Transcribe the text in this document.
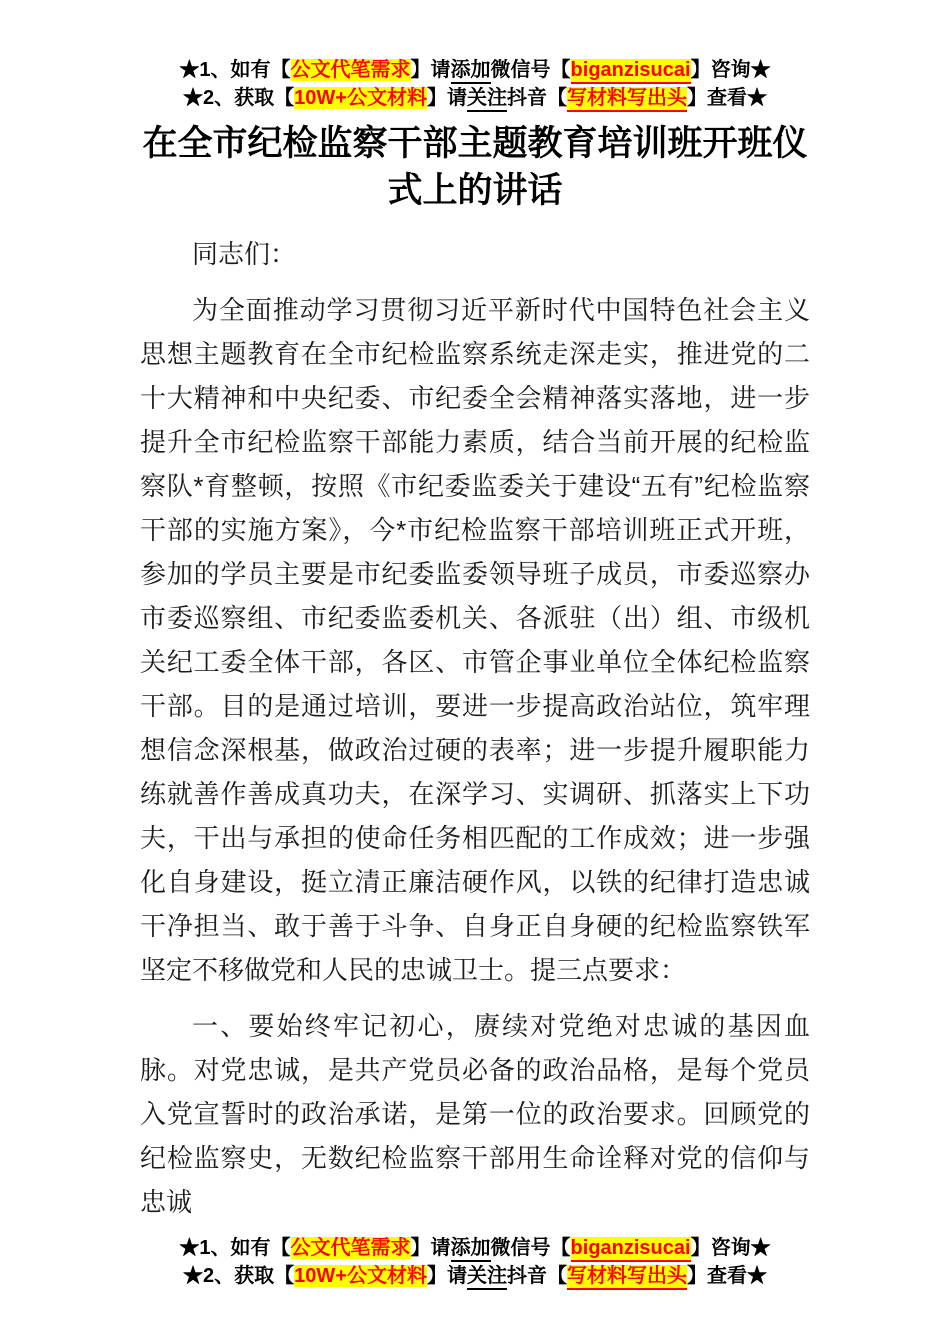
★1、如有【公文代笔需求】请添加微信号【biganzisucai】咨询★
★2、获取【10W+公文材料】请关注抖音【写材料写出头】查看★
在全市纪检监察干部主题教育培训班开班仪式上的讲话

同志们：

为全面推动学习贯彻习近平新时代中国特色社会主义思想主题教育在全市纪检监察系统走深走实，推进党的二十大精神和中央纪委、市纪委全会精神落实落地，进一步提升全市纪检监察干部能力素质，结合当前开展的纪检监察队*育整顿，按照《市纪委监委关于建设“五有”纪检监察干部的实施方案》，今*市纪检监察干部培训班正式开班，参加的学员主要是市纪委监委领导班子成员，市委巡察办市委巡察组、市纪委监委机关、各派驻（出）组、市级机关纪工委全体干部，各区、市管企事业单位全体纪检监察干部。目的是通过培训，要进一步提高政治站位，筑牢理想信念深根基，做政治过硬的表率；进一步提升履职能力练就善作善成真功夫，在深学习、实调研、抓落实上下功夫，干出与承担的使命任务相匹配的工作成效；进一步强化自身建设，挺立清正廉洁硬作风，以铁的纪律打造忠诚干净担当、敢于善于斗争、自身正自身硬的纪检监察铁军坚定不移做党和人民的忠诚卫士。提三点要求：

一、要始终牢记初心，赓续对党绝对忠诚的基因血脉。对党忠诚，是共产党员必备的政治品格，是每个党员入党宣誓时的政治承诺，是第一位的政治要求。回顾党的纪检监察史，无数纪检监察干部用生命诠释对党的信仰与忠诚

★1、如有【公文代笔需求】请添加微信号【biganzisucai】咨询★
★2、获取【10W+公文材料】请关注抖音【写材料写出头】查看★
